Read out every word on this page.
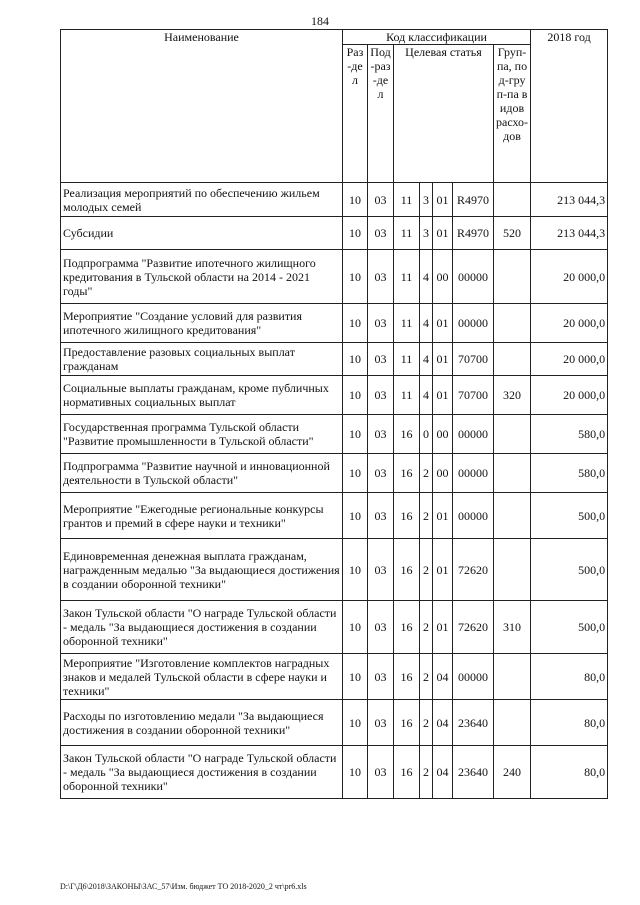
184
Наименование	Код классификации							2018 год
	Раз-дел	Под-раз-дел	Целевая статья				Груп-па, под-груп-па видов расхо-дов	
Реализация мероприятий по обеспечению жильем молодых семей	10	03	11	3	01	R4970		213 044,3
Субсидии	10	03	11	3	01	R4970	520	213 044,3
Подпрограмма "Развитие ипотечного жилищного кредитования в Тульской области на 2014 - 2021 годы"	10	03	11	4	00	00000		20 000,0
Мероприятие "Создание условий для развития ипотечного жилищного кредитования"	10	03	11	4	01	00000		20 000,0
Предоставление разовых социальных выплат гражданам	10	03	11	4	01	70700		20 000,0
Социальные выплаты гражданам, кроме публичных нормативных социальных выплат	10	03	11	4	01	70700	320	20 000,0
Государственная программа Тульской области "Развитие промышленности в Тульской области"	10	03	16	0	00	00000		580,0
Подпрограмма "Развитие научной и инновационной деятельности в Тульской области"	10	03	16	2	00	00000		580,0
Мероприятие "Ежегодные региональные конкурсы грантов и премий в сфере науки и техники"	10	03	16	2	01	00000		500,0
Единовременная денежная выплата гражданам, награжденным медалью "За выдающиеся достижения в создании оборонной техники"	10	03	16	2	01	72620		500,0
Закон Тульской области "О награде Тульской области - медаль "За выдающиеся достижения в создании оборонной техники"	10	03	16	2	01	72620	310	500,0
Мероприятие "Изготовление комплектов наградных знаков и медалей Тульской области в сфере науки и техники"	10	03	16	2	04	00000		80,0
Расходы по изготовлению медали "За выдающиеся достижения в создании оборонной техники"	10	03	16	2	04	23640		80,0
Закон Тульской области "О награде Тульской области - медаль "За выдающиеся достижения в создании оборонной техники"	10	03	16	2	04	23640	240	80,0
D:\Г\Д6\2018\ЗАКОНЫ\ЗАС_57\Изм. бюджет ТО 2018-2020_2 чт\pr6.xls
